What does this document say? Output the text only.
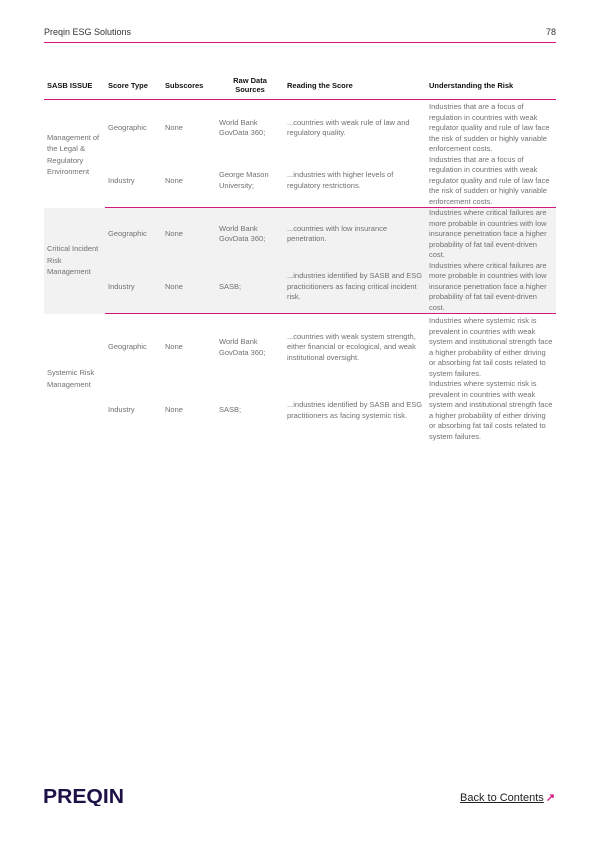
Preqin ESG Solutions	78
SASB ISSUE	Score Type	Subscores	Raw Data Sources	Reading the Score	Understanding the Risk
Management of the Legal & Regulatory Environment	Geographic	None	World Bank GovData 360;	...countries with weak rule of law and regulatory quality.	Industries that are a focus of regulation in countries with weak regulator quality and rule of law face the risk of sudden or highly variable enforcement costs.
	Industry	None	George Mason University;	...industries with higher levels of regulatory restrictions.	Industries that are a focus of regulation in countries with weak regulator quality and rule of law face the risk of sudden or highly variable enforcement costs.
Critical Incident Risk Management	Geographic	None	World Bank GovData 360;	...countries with low insurance penetration.	Industries where critical failures are more probable in countries with low insurance penetration face a higher probability of fat tail event-driven cost.
	Industry	None	SASB;	...industries identified by SASB and ESG practicitioners as facing critical incident risk.	Industries where critical failures are more probable in countries with low insurance penetration face a higher probability of fat tail event-driven cost.
Systemic Risk Management	Geographic	None	World Bank GovData 360;	...countries with weak system strength, either financial or ecological, and weak institutional oversight.	Industries where systemic risk is prevalent in countries with weak system and institutional strength face a higher probability of either driving or absorbing fat tail costs related to system failures.
	Industry	None	SASB;	...industries identified by SASB and ESG practitioners as facing systemic risk.	Industries where systemic risk is prevalent in countries with weak system and institutional strength face a higher probability of either driving or absorbing fat tail costs related to system failures.
PREQIN	Back to Contents ↗
